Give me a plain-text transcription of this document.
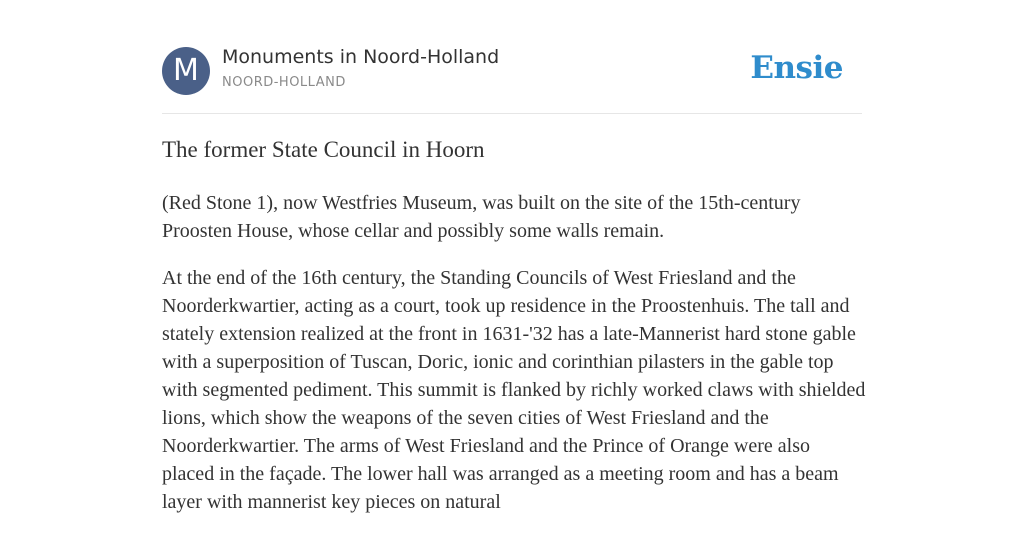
M	Monuments in Noord-Holland
NOORD-HOLLAND	Ensie
The former State Council in Hoorn

(Red Stone 1), now Westfries Museum, was built on the site of the 15th-century Proosten House, whose cellar and possibly some walls remain.

At the end of the 16th century, the Standing Councils of West Friesland and the Noorderkwartier, acting as a court, took up residence in the Proostenhuis. The tall and stately extension realized at the front in 1631-'32 has a late-Mannerist hard stone gable with a superposition of Tuscan, Doric, ionic and corinthian pilasters in the gable top with segmented pediment. This summit is flanked by richly worked claws with shielded lions, which show the weapons of the seven cities of West Friesland and the Noorderkwartier. The arms of West Friesland and the Prince of Orange were also placed in the façade. The lower hall was arranged as a meeting room and has a beam layer with mannerist key pieces on natural
